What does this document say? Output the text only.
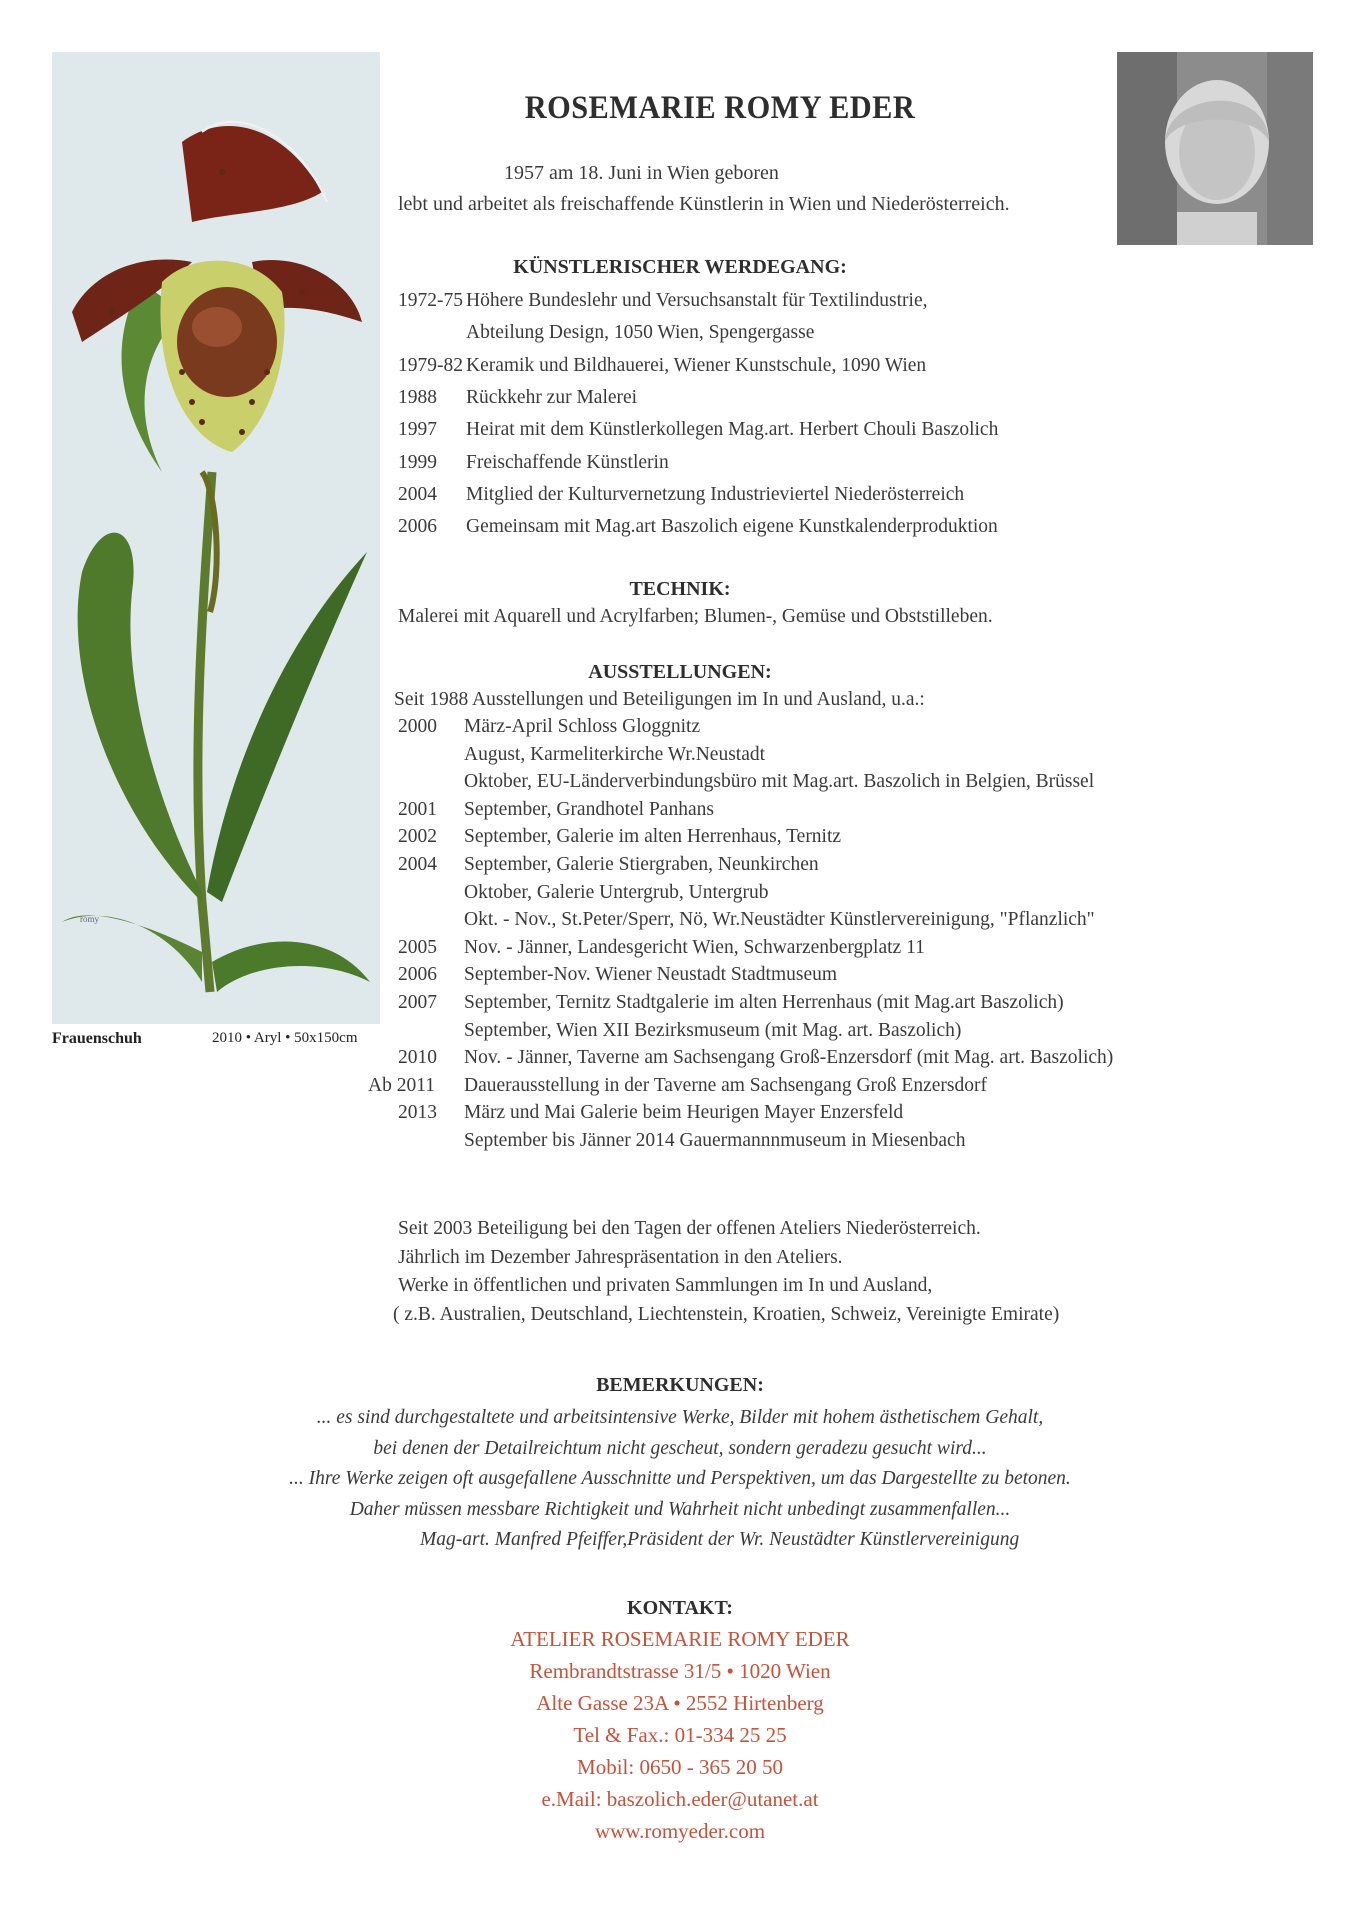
romy
Frauenschuh	2010 • Aryl • 50x150cm
ROSEMARIE ROMY EDER
1957 am 18. Juni in Wien geboren
lebt und arbeitet als freischaffende Künstlerin in Wien und Niederösterreich.
KÜNSTLERISCHER WERDEGANG:
1972-75 Höhere Bundeslehr und Versuchsanstalt für Textilindustrie,
Abteilung Design, 1050 Wien, Spengergasse
1979-82 Keramik und Bildhauerei, Wiener Kunstschule, 1090 Wien
1988 Rückkehr zur Malerei
1997 Heirat mit dem Künstlerkollegen Mag.art. Herbert Chouli Baszolich
1999 Freischaffende Künstlerin
2004 Mitglied der Kulturvernetzung Industrieviertel Niederösterreich
2006 Gemeinsam mit Mag.art Baszolich eigene Kunstkalenderproduktion
TECHNIK:
Malerei mit Aquarell und Acrylfarben; Blumen-, Gemüse und Obststilleben.
AUSSTELLUNGEN:
Seit 1988 Ausstellungen und Beteiligungen im In und Ausland, u.a.:
2000 März-April Schloss Gloggnitz
August, Karmeliterkirche Wr.Neustadt
Oktober, EU-Länderverbindungsbüro mit Mag.art. Baszolich in Belgien, Brüssel
2001 September, Grandhotel Panhans
2002 September, Galerie im alten Herrenhaus, Ternitz
2004 September, Galerie Stiergraben, Neunkirchen
Oktober, Galerie Untergrub, Untergrub
Okt. - Nov., St.Peter/Sperr, Nö, Wr.Neustädter Künstlervereinigung, "Pflanzlich"
2005 Nov. - Jänner, Landesgericht Wien, Schwarzenbergplatz 11
2006 September-Nov. Wiener Neustadt Stadtmuseum
2007 September, Ternitz Stadtgalerie im alten Herrenhaus (mit Mag.art Baszolich)
September, Wien XII Bezirksmuseum (mit Mag. art. Baszolich)
2010 Nov. - Jänner, Taverne am Sachsengang Groß-Enzersdorf (mit Mag. art. Baszolich)
Ab 2011 Dauerausstellung in der Taverne am Sachsengang Groß Enzersdorf
2013 März und Mai Galerie beim Heurigen Mayer Enzersfeld
September bis Jänner 2014 Gauermannnmuseum in Miesenbach
Seit 2003 Beteiligung bei den Tagen der offenen Ateliers Niederösterreich.
Jährlich im Dezember Jahrespräsentation in den Ateliers.
Werke in öffentlichen und privaten Sammlungen im In und Ausland,
( z.B. Australien, Deutschland, Liechtenstein, Kroatien, Schweiz, Vereinigte Emirate)
BEMERKUNGEN:
... es sind durchgestaltete und arbeitsintensive Werke, Bilder mit hohem ästhetischem Gehalt,
bei denen der Detailreichtum nicht gescheut, sondern geradezu gesucht wird...
... Ihre Werke zeigen oft ausgefallene Ausschnitte und Perspektiven, um das Dargestellte zu betonen.
Daher müssen messbare Richtigkeit und Wahrheit nicht unbedingt zusammenfallen...
Mag-art. Manfred Pfeiffer,Präsident der Wr. Neustädter Künstlervereinigung
KONTAKT:
ATELIER ROSEMARIE ROMY EDER
Rembrandtstrasse 31/5 • 1020 Wien
Alte Gasse 23A • 2552 Hirtenberg
Tel & Fax.: 01-334 25 25
Mobil: 0650 - 365 20 50
e.Mail: baszolich.eder@utanet.at
www.romyeder.com
